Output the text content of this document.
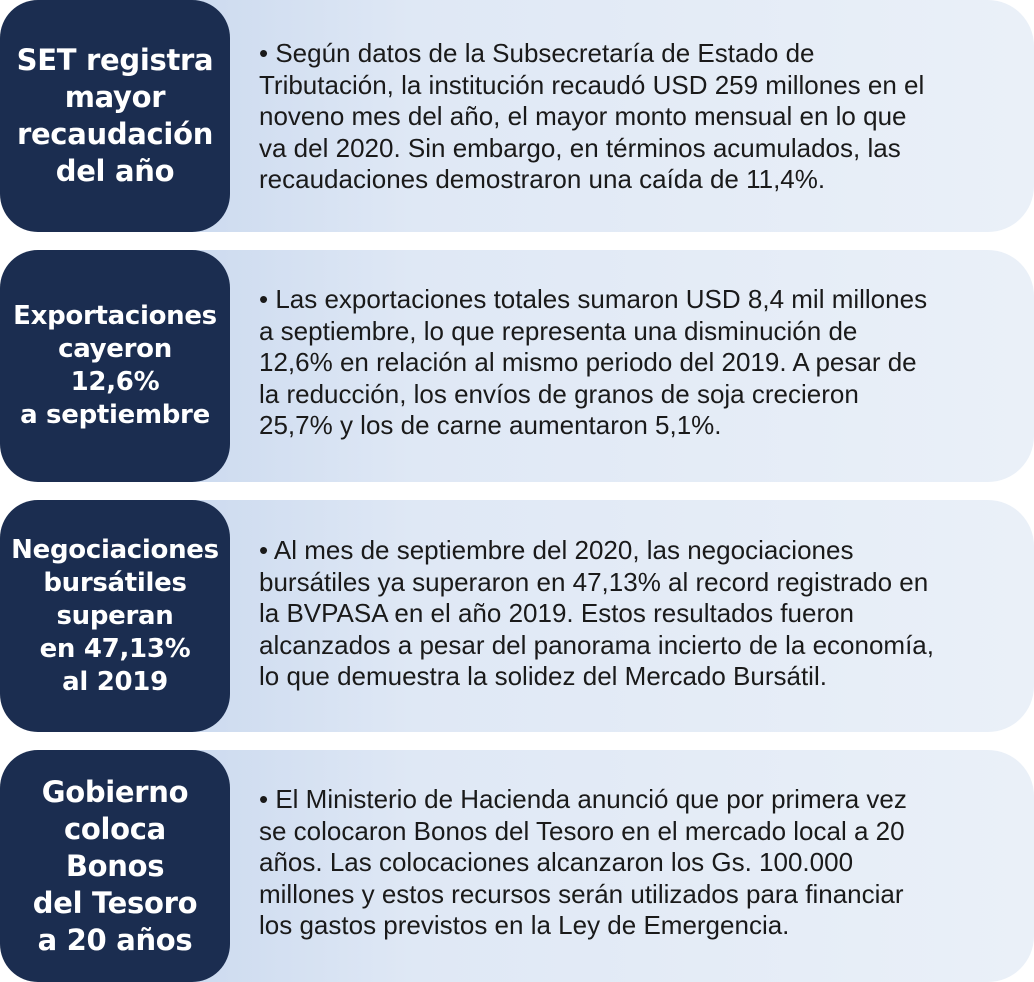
SET registra
mayor
recaudación
del año
• Según datos de la Subsecretaría de Estado de
Tributación, la institución recaudó USD 259 millones en el
noveno mes del año, el mayor monto mensual en lo que
va del 2020. Sin embargo, en términos acumulados, las
recaudaciones demostraron una caída de 11,4%.
Exportaciones
cayeron
12,6%
a septiembre
• Las exportaciones totales sumaron USD 8,4 mil millones
a septiembre, lo que representa una disminución de
12,6% en relación al mismo periodo del 2019. A pesar de
la reducción, los envíos de granos de soja crecieron
25,7% y los de carne aumentaron 5,1%.
Negociaciones
bursátiles
superan
en 47,13%
al 2019
• Al mes de septiembre del 2020, las negociaciones
bursátiles ya superaron en 47,13% al record registrado en
la BVPASA en el año 2019. Estos resultados fueron
alcanzados a pesar del panorama incierto de la economía,
lo que demuestra la solidez del Mercado Bursátil.
Gobierno
coloca
Bonos
del Tesoro
a 20 años
• El Ministerio de Hacienda anunció que por primera vez
se colocaron Bonos del Tesoro en el mercado local a 20
años. Las colocaciones alcanzaron los Gs. 100.000
millones y estos recursos serán utilizados para financiar
los gastos previstos en la Ley de Emergencia.
